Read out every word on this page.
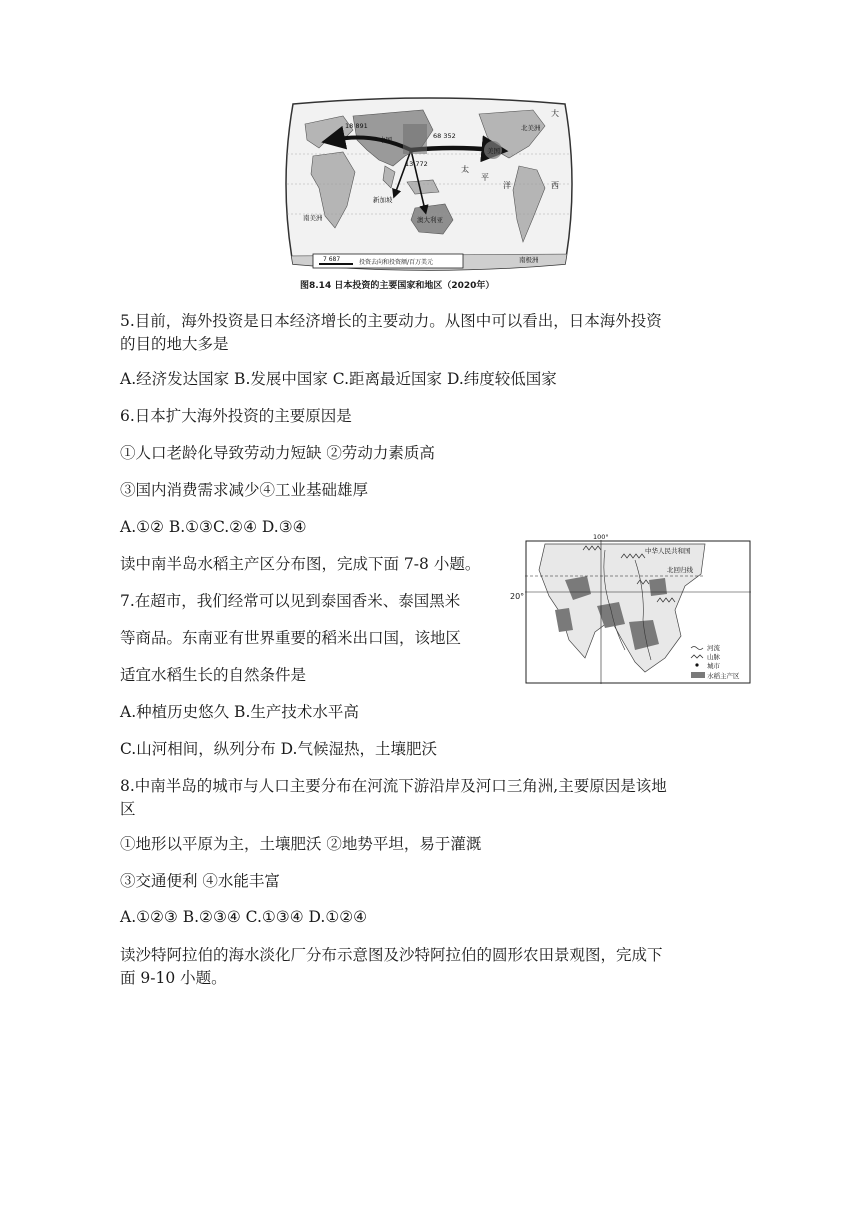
18 891
68 352
13 772
美国
中国
新加坡
澳大利亚
北美洲
南美洲
南极洲
太
平
洋
大
西
7 687	投资去向和投资额/百万美元
图8.14 日本投资的主要国家和地区（2020年）
5.目前，海外投资是日本经济增长的主要动力。从图中可以看出，日本海外投资
的目的地大多是
A.经济发达国家 B.发展中国家 C.距离最近国家 D.纬度较低国家
6.日本扩大海外投资的主要原因是
①人口老龄化导致劳动力短缺 ②劳动力素质高
③国内消费需求减少④工业基础雄厚
A.①② B.①③C.②④ D.③④
读中南半岛水稻主产区分布图，完成下面 7-8 小题。
100°
中华人民共和国
北回归线
河流
山脉
城市
水稻主产区
20°
7.在超市，我们经常可以见到泰国香米、泰国黑米
等商品。东南亚有世界重要的稻米出口国，该地区
适宜水稻生长的自然条件是
A.种植历史悠久 B.生产技术水平高
C.山河相间，纵列分布 D.气候湿热，土壤肥沃
8.中南半岛的城市与人口主要分布在河流下游沿岸及河口三角洲,主要原因是该地
区
①地形以平原为主，土壤肥沃 ②地势平坦，易于灌溉
③交通便利 ④水能丰富
A.①②③ B.②③④ C.①③④ D.①②④
读沙特阿拉伯的海水淡化厂分布示意图及沙特阿拉伯的圆形农田景观图，完成下
面 9-10 小题。
